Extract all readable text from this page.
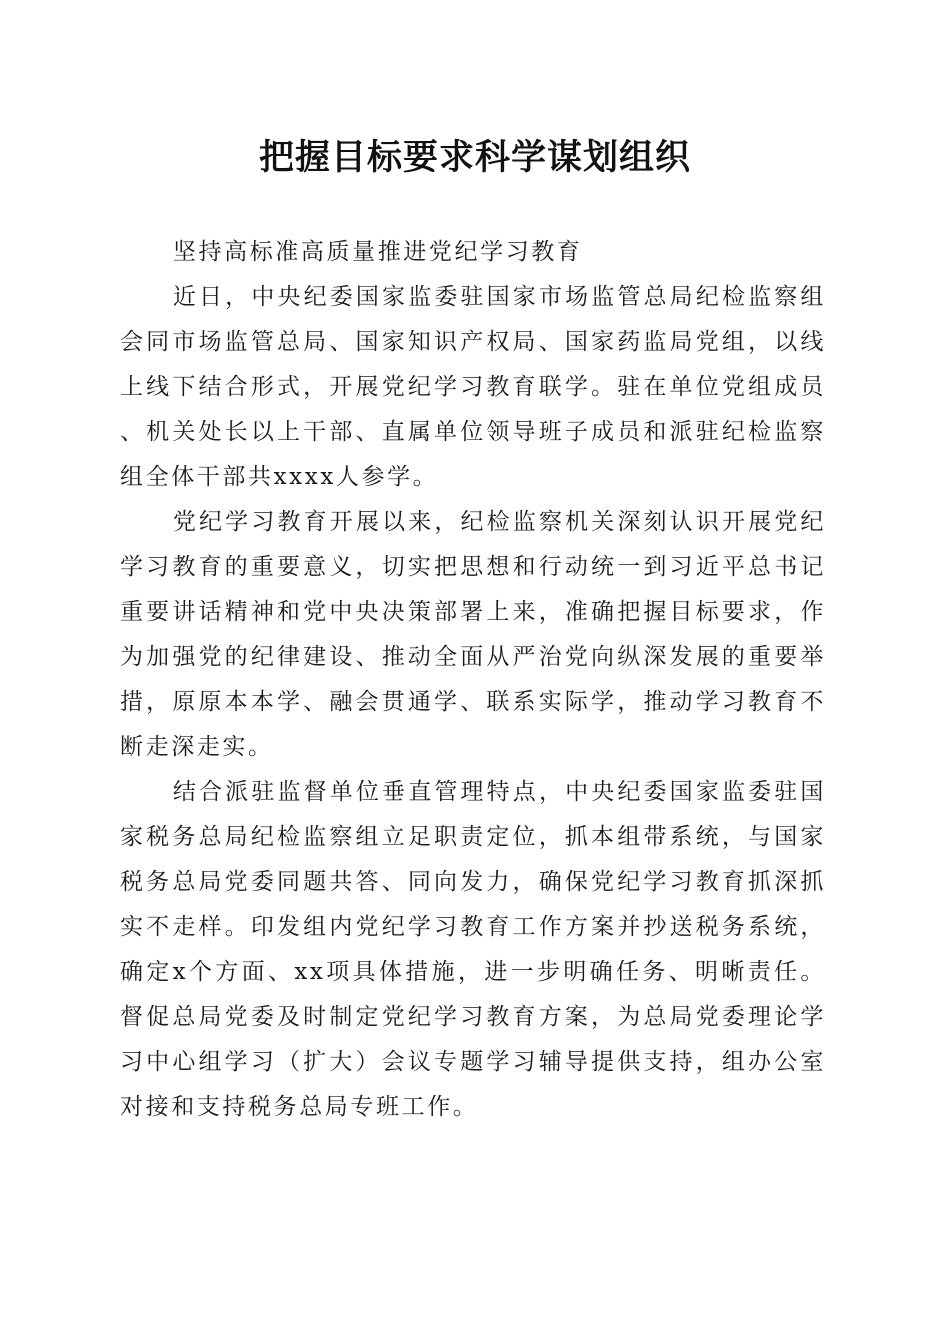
把握目标要求科学谋划组织

坚持高标准高质量推进党纪学习教育

近日，中央纪委国家监委驻国家市场监管总局纪检监察组会同市场监管总局、国家知识产权局、国家药监局党组，以线上线下结合形式，开展党纪学习教育联学。驻在单位党组成员、机关处长以上干部、直属单位领导班子成员和派驻纪检监察组全体干部共xxxx人参学。

党纪学习教育开展以来，纪检监察机关深刻认识开展党纪学习教育的重要意义，切实把思想和行动统一到习近平总书记重要讲话精神和党中央决策部署上来，准确把握目标要求，作为加强党的纪律建设、推动全面从严治党向纵深发展的重要举措，原原本本学、融会贯通学、联系实际学，推动学习教育不断走深走实。

结合派驻监督单位垂直管理特点，中央纪委国家监委驻国家税务总局纪检监察组立足职责定位，抓本组带系统，与国家税务总局党委同题共答、同向发力，确保党纪学习教育抓深抓实不走样。印发组内党纪学习教育工作方案并抄送税务系统，确定x个方面、xx项具体措施，进一步明确任务、明晰责任。督促总局党委及时制定党纪学习教育方案，为总局党委理论学习中心组学习（扩大）会议专题学习辅导提供支持，组办公室对接和支持税务总局专班工作。
